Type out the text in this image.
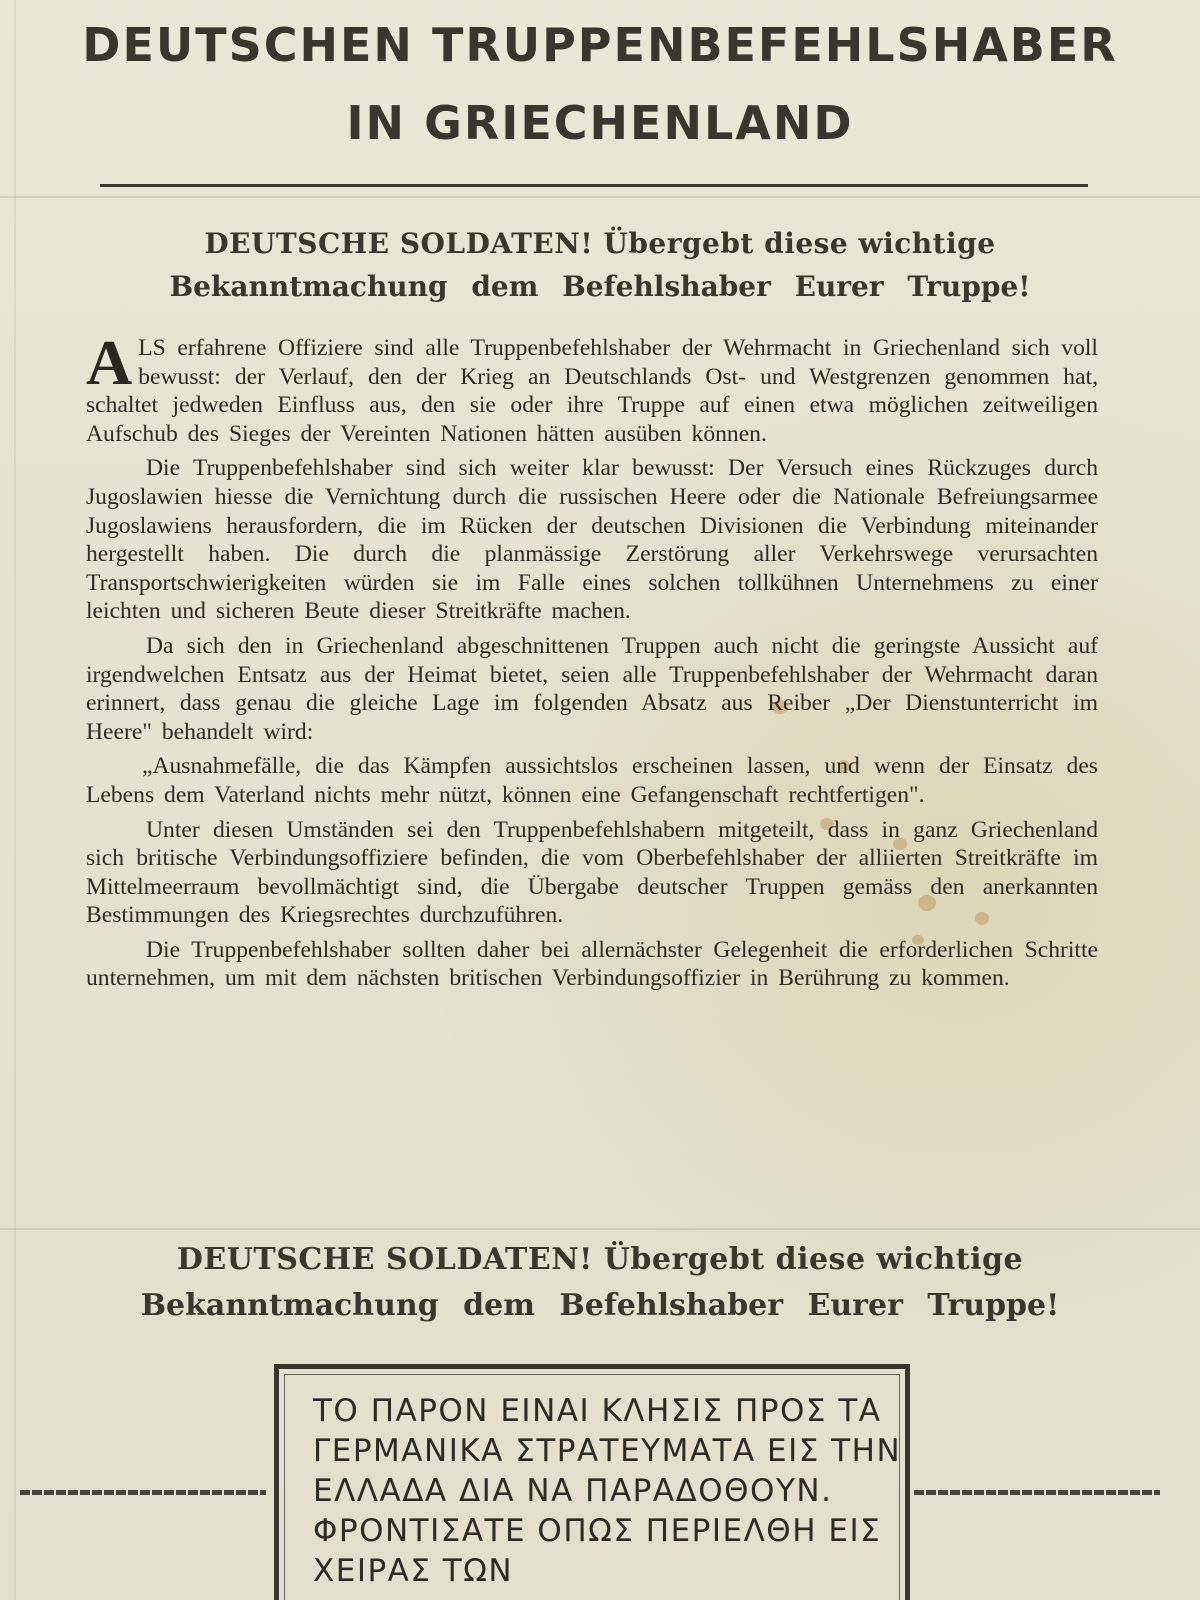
DEUTSCHEN TRUPPENBEFEHLSHABER
IN GRIECHENLAND
DEUTSCHE SOLDATEN! Übergebt diese wichtige
Bekanntmachung dem Befehlshaber Eurer Truppe!

ALS erfahrene Offiziere sind alle Truppenbefehlshaber der Wehrmacht in Griechenland sich voll bewusst: der Verlauf, den der Krieg an Deutschlands Ost- und Westgrenzen genommen hat, schaltet jedweden Einfluss aus, den sie oder ihre Truppe auf einen etwa möglichen zeitweiligen Aufschub des Sieges der Vereinten Nationen hätten ausüben können.

Die Truppenbefehlshaber sind sich weiter klar bewusst: Der Versuch eines Rückzuges durch Jugoslawien hiesse die Vernichtung durch die russischen Heere oder die Nationale Befreiungsarmee Jugoslawiens herausfordern, die im Rücken der deutschen Divisionen die Verbindung miteinander hergestellt haben. Die durch die planmässige Zerstörung aller Verkehrswege verursachten Transportschwierigkeiten würden sie im Falle eines solchen tollkühnen Unternehmens zu einer leichten und sicheren Beute dieser Streitkräfte machen.

Da sich den in Griechenland abgeschnittenen Truppen auch nicht die geringste Aussicht auf irgendwelchen Entsatz aus der Heimat bietet, seien alle Truppenbefehlshaber der Wehrmacht daran erinnert, dass genau die gleiche Lage im folgenden Absatz aus Reiber „Der Dienstunterricht im Heere" behandelt wird:

„Ausnahmefälle, die das Kämpfen aussichtslos erscheinen lassen, und wenn der Einsatz des Lebens dem Vaterland nichts mehr nützt, können eine Gefangenschaft rechtfertigen".

Unter diesen Umständen sei den Truppenbefehlshabern mitgeteilt, dass in ganz Griechenland sich britische Verbindungsoffiziere befinden, die vom Oberbefehlshaber der alliierten Streitkräfte im Mittelmeerraum bevollmächtigt sind, die Übergabe deutscher Truppen gemäss den anerkannten Bestimmungen des Kriegsrechtes durchzuführen.

Die Truppenbefehlshaber sollten daher bei allernächster Gelegenheit die erforderlichen Schritte unternehmen, um mit dem nächsten britischen Verbindungsoffizier in Berührung zu kommen.

DEUTSCHE SOLDATEN! Übergebt diese wichtige
Bekanntmachung dem Befehlshaber Eurer Truppe!
ΤΟ ΠΑΡΟΝ ΕΙΝΑΙ ΚΛΗΣΙΣ ΠΡΟΣ ΤΑ
ΓΕΡΜΑΝΙΚΑ ΣΤΡΑΤΕΥΜΑΤΑ ΕΙΣ ΤΗΝ
ΕΛΛΑΔΑ ΔΙΑ ΝΑ ΠΑΡΑΔΟΘΟΥΝ.
ΦΡΟΝΤΙΣΑΤΕ ΟΠΩΣ ΠΕΡΙΕΛΘΗ ΕΙΣ
ΧΕΙΡΑΣ ΤΩΝ
